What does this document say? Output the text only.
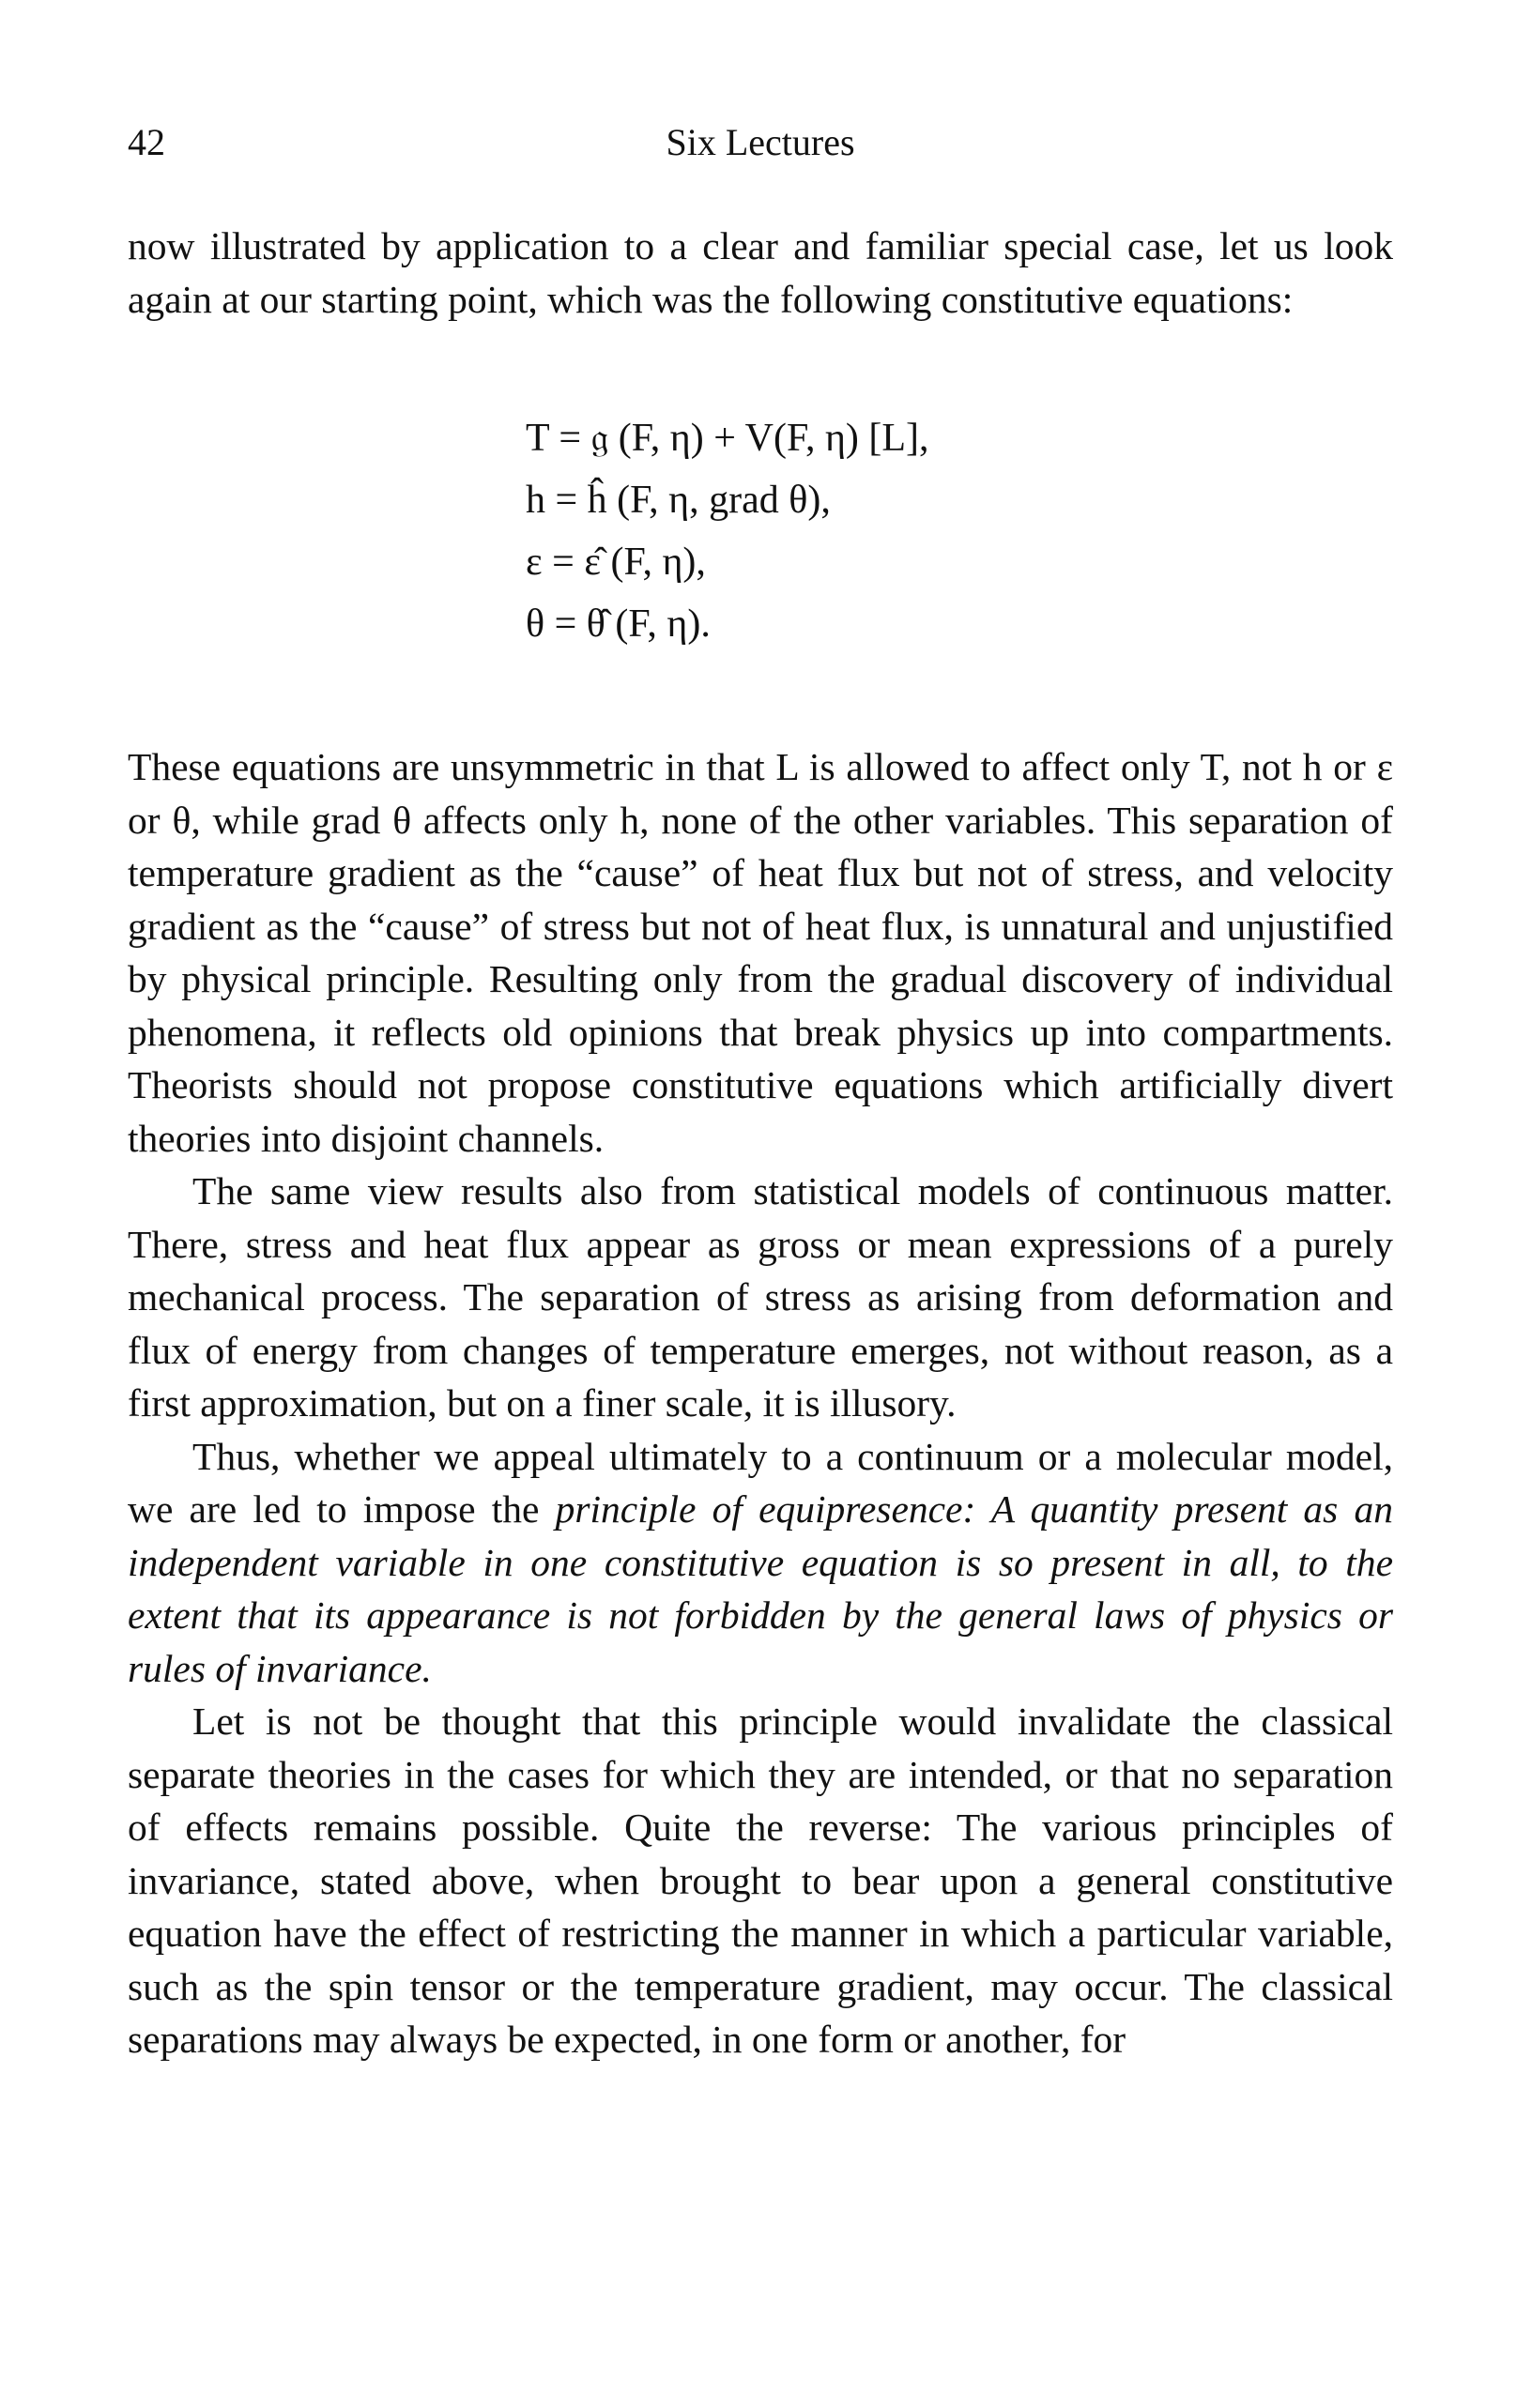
42	Six Lectures

now illustrated by application to a clear and familiar special case, let us look again at our starting point, which was the following constitutive equations:

T = 𝔤 (F, η) + V(F, η) [L],
h = ĥ (F, η, grad θ),
ε = ε̂ (F, η),
θ = θ̂ (F, η).

These equations are unsymmetric in that L is allowed to affect only T, not h or ε or θ, while grad θ affects only h, none of the other variables. This separation of temperature gradient as the “cause” of heat flux but not of stress, and velocity gradient as the “cause” of stress but not of heat flux, is unnatural and unjustified by physical principle. Resulting only from the gradual discovery of individual phenomena, it reflects old opinions that break physics up into compartments. Theorists should not propose constitutive equations which artificially divert theories into disjoint channels.

The same view results also from statistical models of continuous matter. There, stress and heat flux appear as gross or mean expressions of a purely mechanical process. The separation of stress as arising from deformation and flux of energy from changes of temperature emerges, not without reason, as a first approximation, but on a finer scale, it is illusory.

Thus, whether we appeal ultimately to a continuum or a molecular model, we are led to impose the principle of equipresence: A quantity present as an independent variable in one constitutive equation is so present in all, to the extent that its appearance is not forbidden by the general laws of physics or rules of invariance.

Let is not be thought that this principle would invalidate the classical separate theories in the cases for which they are intended, or that no separation of effects remains possible. Quite the reverse: The various principles of invariance, stated above, when brought to bear upon a general constitutive equation have the effect of restricting the manner in which a particular variable, such as the spin tensor or the temperature gradient, may occur. The classical separations may always be expected, in one form or another, for
